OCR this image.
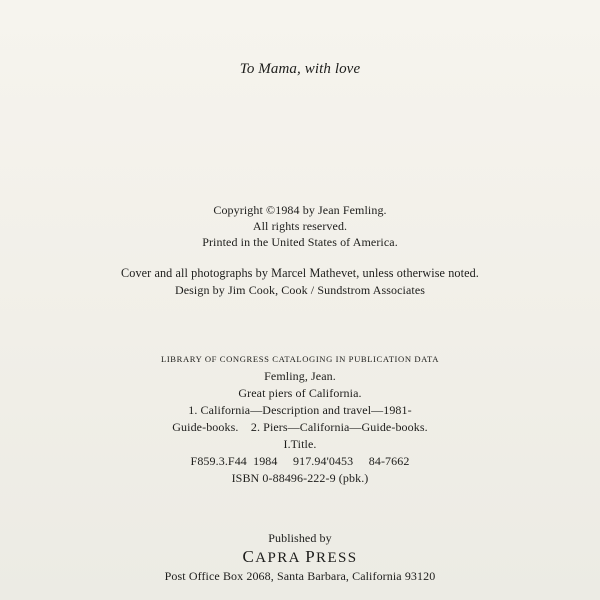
To Mama, with love
Copyright ©1984 by Jean Femling.
All rights reserved.
Printed in the United States of America.
Cover and all photographs by Marcel Mathevet, unless otherwise noted.
Design by Jim Cook, Cook / Sundstrom Associates
LIBRARY OF CONGRESS CATALOGING IN PUBLICATION DATA
Femling, Jean.
Great piers of California.
1. California—Description and travel—1981-
Guide-books.    2. Piers—California—Guide-books.
I.Title.
F859.3.F44  1984     917.94'0453     84-7662
ISBN 0-88496-222-9 (pbk.)
Published by
CAPRA PRESS
Post Office Box 2068, Santa Barbara, California 93120
